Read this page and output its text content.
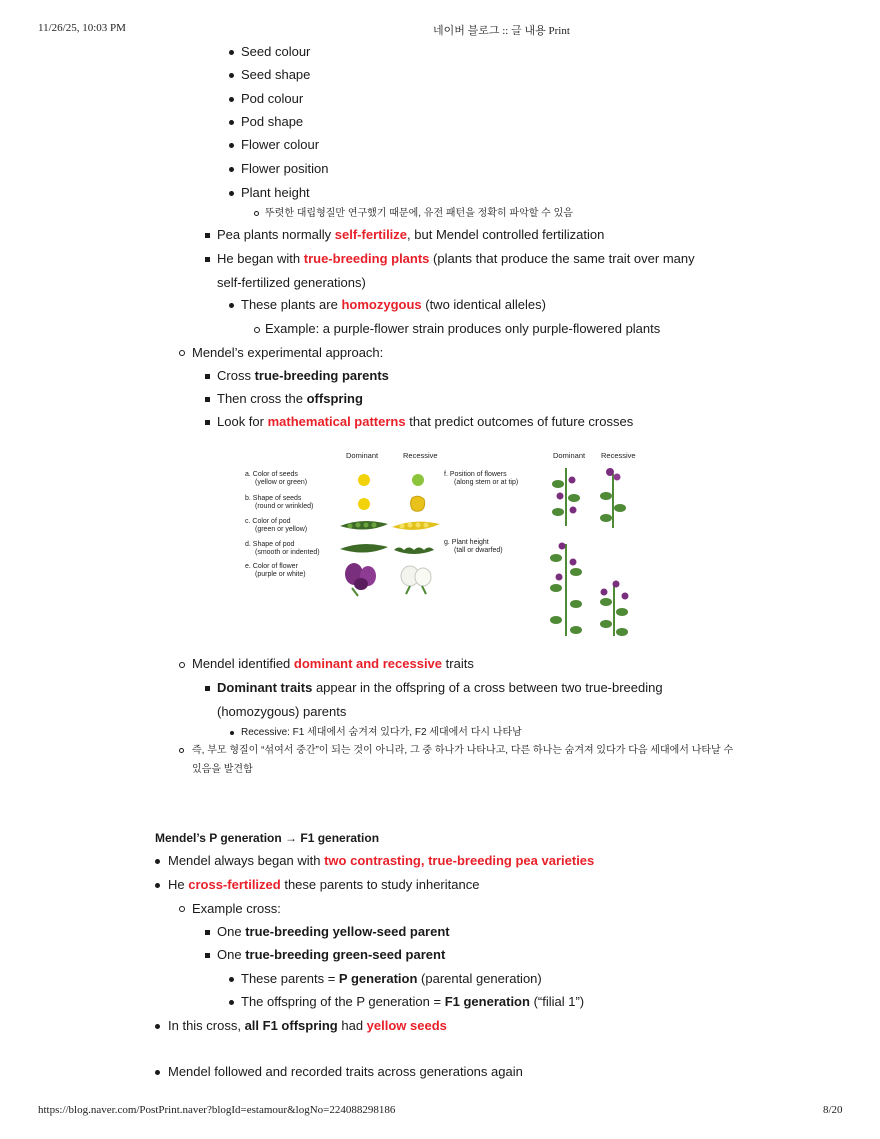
11/26/25, 10:03 PM	네이버 블로그 :: 글 내용 Print
https://blog.naver.com/PostPrint.naver?blogId=estamour&logNo=224088298186	8/20
Seed colour
Seed shape
Pod colour
Pod shape
Flower colour
Flower position
Plant height
뚜렷한 대립형질만 연구했기 때문에, 유전 패턴을 정확히 파악할 수 있음
Pea plants normally self-fertilize, but Mendel controlled fertilization
He began with true-breeding plants (plants that produce the same trait over many
self-fertilized generations)
These plants are homozygous (two identical alleles)
Example: a purple-flower strain produces only purple-flowered plants
Mendel’s experimental approach:
Cross true-breeding parents
Then cross the offspring
Look for mathematical patterns that predict outcomes of future crosses
Dominant	Recessive	Dominant Recessive
a. Color of seeds
(yellow or green)
b. Shape of seeds
(round or wrinkled)
c. Color of pod
(green or yellow)
d. Shape of pod
(smooth or indented)
e. Color of flower
(purple or white)
f. Position of flowers
(along stem or at tip)
g. Plant height
(tall or dwarfed)
Mendel identified dominant and recessive traits
Dominant traits appear in the offspring of a cross between two true-breeding
(homozygous) parents
Recessive: F1 세대에서 숨겨져 있다가, F2 세대에서 다시 나타남
즉, 부모 형질이 “섞여서 중간”이 되는 것이 아니라, 그 중 하나가 나타나고, 다른 하나는 숨겨져 있다가 다음 세대에서 나타날 수
있음을 발견함
Mendel’s P generation → F1 generation
Mendel always began with two contrasting, true-breeding pea varieties
He cross-fertilized these parents to study inheritance
Example cross:
One true-breeding yellow-seed parent
One true-breeding green-seed parent
These parents = P generation (parental generation)
The offspring of the P generation = F1 generation (“filial 1”)
In this cross, all F1 offspring had yellow seeds
Mendel followed and recorded traits across generations again
